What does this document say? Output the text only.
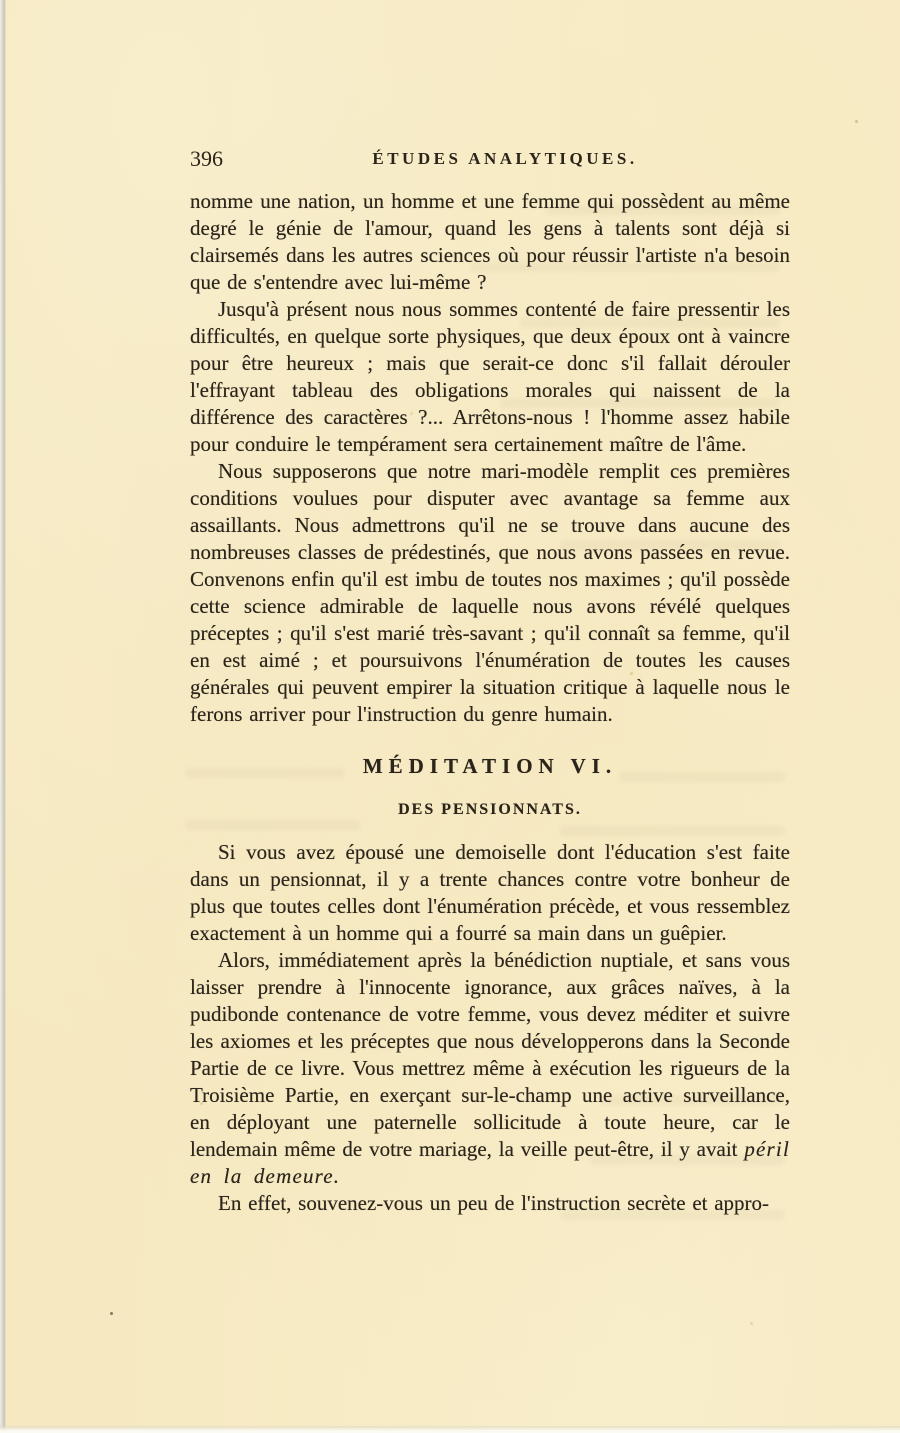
396	ÉTUDES ANALYTIQUES.

nomme une nation, un homme et une femme qui possèdent au même degré le génie de l'amour, quand les gens à talents sont déjà si clairsemés dans les autres sciences où pour réussir l'artiste n'a besoin que de s'entendre avec lui-même ?

Jusqu'à présent nous nous sommes contenté de faire pressentir les difficultés, en quelque sorte physiques, que deux époux ont à vaincre pour être heureux ; mais que serait-ce donc s'il fallait dérouler l'effrayant tableau des obligations morales qui naissent de la différence des caractères ?... Arrêtons-nous ! l'homme assez habile pour conduire le tempérament sera certainement maître de l'âme.

Nous supposerons que notre mari-modèle remplit ces premières conditions voulues pour disputer avec avantage sa femme aux assaillants. Nous admettrons qu'il ne se trouve dans aucune des nombreuses classes de prédestinés, que nous avons passées en revue. Convenons enfin qu'il est imbu de toutes nos maximes ; qu'il possède cette science admirable de laquelle nous avons révélé quelques préceptes ; qu'il s'est marié très-savant ; qu'il connaît sa femme, qu'il en est aimé ; et poursuivons l'énumération de toutes les causes générales qui peuvent empirer la situation critique à laquelle nous le ferons arriver pour l'instruction du genre humain.

MÉDITATION VI.
DES PENSIONNATS.

Si vous avez épousé une demoiselle dont l'éducation s'est faite dans un pensionnat, il y a trente chances contre votre bonheur de plus que toutes celles dont l'énumération précède, et vous ressemblez exactement à un homme qui a fourré sa main dans un guêpier.

Alors, immédiatement après la bénédiction nuptiale, et sans vous laisser prendre à l'innocente ignorance, aux grâces naïves, à la pudibonde contenance de votre femme, vous devez méditer et suivre les axiomes et les préceptes que nous développerons dans la Seconde Partie de ce livre. Vous mettrez même à exécution les rigueurs de la Troisième Partie, en exerçant sur-le-champ une active surveillance, en déployant une paternelle sollicitude à toute heure, car le lendemain même de votre mariage, la veille peut-être, il y avait péril en la demeure.

En effet, souvenez-vous un peu de l'instruction secrète et appro-
